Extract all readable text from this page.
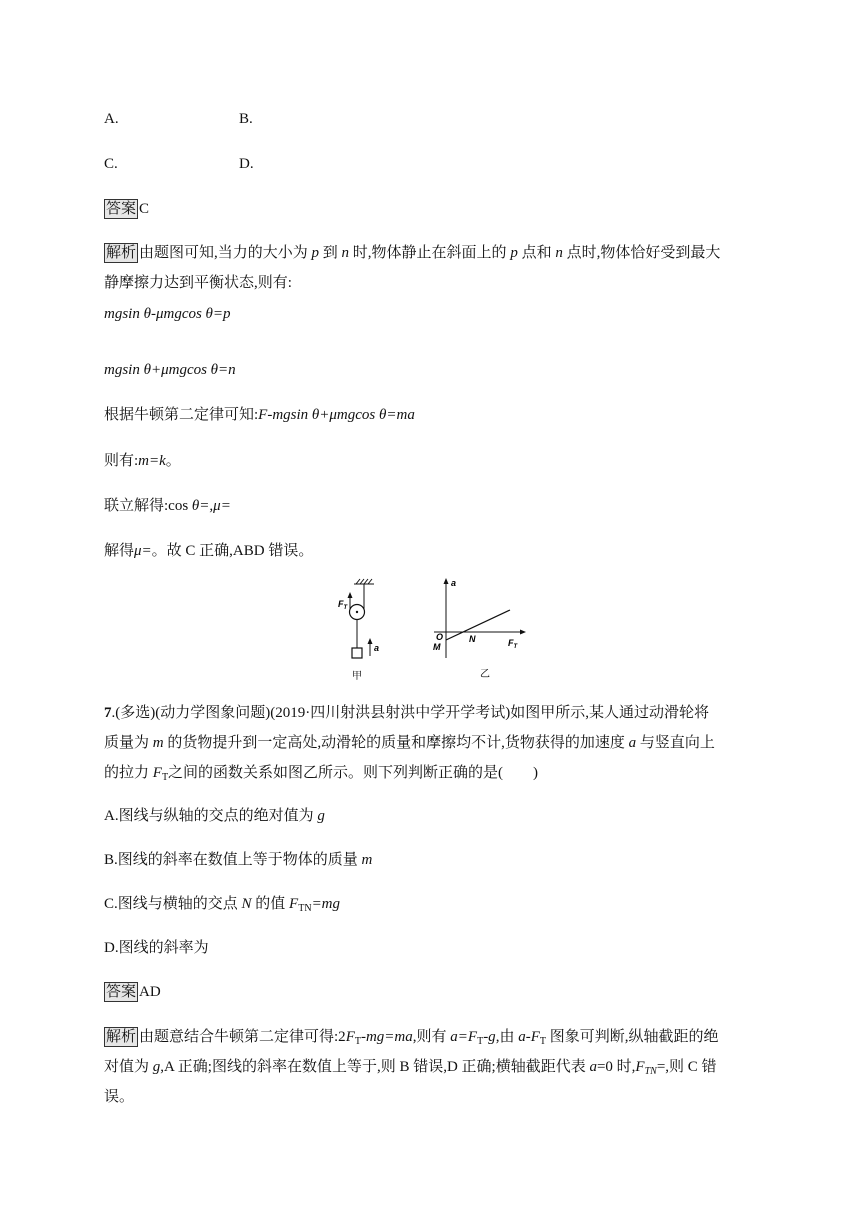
A.	B.
C.	D.
答案 C
解析 由题图可知,当力的大小为 p 到 n 时,物体静止在斜面上的 p 点和 n 点时,物体恰好受到最大
静摩擦力达到平衡状态,则有:
mgsin θ-μmgcos θ=p
mgsin θ+μmgcos θ=n
根据牛顿第二定律可知:F-mgsin θ+μmgcos θ=ma
则有:m=k。
联立解得:cos θ=,μ=
解得μ=。故 C 正确,ABD 错误。
$F_T$
a
甲
a
O
M
N	$F_T$
乙
7.(多选)(动力学图象问题)(2019·四川射洪县射洪中学开学考试)如图甲所示,某人通过动滑轮将
质量为 m 的货物提升到一定高处,动滑轮的质量和摩擦均不计,货物获得的加速度 a 与竖直向上
的拉力 $F_T$之间的函数关系如图乙所示。则下列判断正确的是(　　)
A.图线与纵轴的交点的绝对值为 g
B.图线的斜率在数值上等于物体的质量 m
C.图线与横轴的交点 N 的值 $F_{TN}=mg$
D.图线的斜率为
答案 AD
解析 由题意结合牛顿第二定律可得$:2F_T-mg=ma$,则有 $a=F_T-g$,由 $a-F_T$ 图象可判断,纵轴截距的绝
对值为 g,A 正确;图线的斜率在数值上等于,则 B 错误,D 正确;横轴截距代表 a=0 时$,F_{TN}=$,则 C 错
误。
